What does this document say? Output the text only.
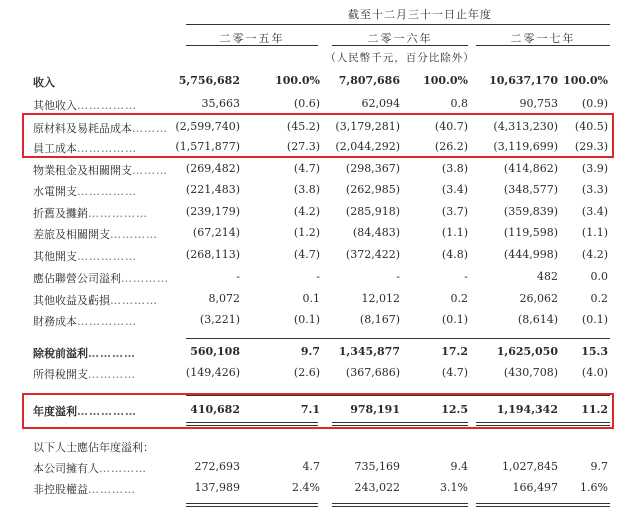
截至十二月三十一日止年度
二零一五年	二零一六年	二零一七年
（人民幣千元，百分比除外）
收入	5,756,682	100.0%	7,807,686	100.0%	10,637,170 100.0%
其他收入……………	35,663	(0.6)	62,094	0.8	90,753	(0.9)
原材料及易耗品成本……… (2,599,740)	(45.2)	(3,179,281)	(40.7)	(4,313,230)	(40.5)
員工成本……………	(1,571,877)	(27.3)	(2,044,292)	(26.2)	(3,119,699)	(29.3)
物業租金及相關開支………	(269,482)	(4.7)	(298,367)	(3.8)	(414,862)	(3.9)
水電開支……………	(221,483)	(3.8)	(262,985)	(3.4)	(348,577)	(3.3)
折舊及攤銷……………	(239,179)	(4.2)	(285,918)	(3.7)	(359,839)	(3.4)
差旅及相關開支…………	(67,214)	(1.2)	(84,483)	(1.1)	(119,598)	(1.1)
其他開支……………	(268,113)	(4.7)	(372,422)	(4.8)	(444,998)	(4.2)
應佔聯營公司溢利…………	-	-	-	-	482	0.0
其他收益及虧損…………	8,072	0.1	12,012	0.2	26,062	0.2
財務成本……………	(3,221)	(0.1)	(8,167)	(0.1)	(8,614)	(0.1)
除稅前溢利…………	560,108	9.7	1,345,877	17.2	1,625,050	15.3
所得稅開支…………	(149,426)	(2.6)	(367,686)	(4.7)	(430,708)	(4.0)
年度溢利……………	410,682	7.1	978,191	12.5	1,194,342	11.2
以下人士應佔年度溢利：
本公司擁有人…………	272,693	4.7	735,169	9.4	1,027,845	9.7
非控股權益…………	137,989	2.4%	243,022	3.1%	166,497	1.6%
